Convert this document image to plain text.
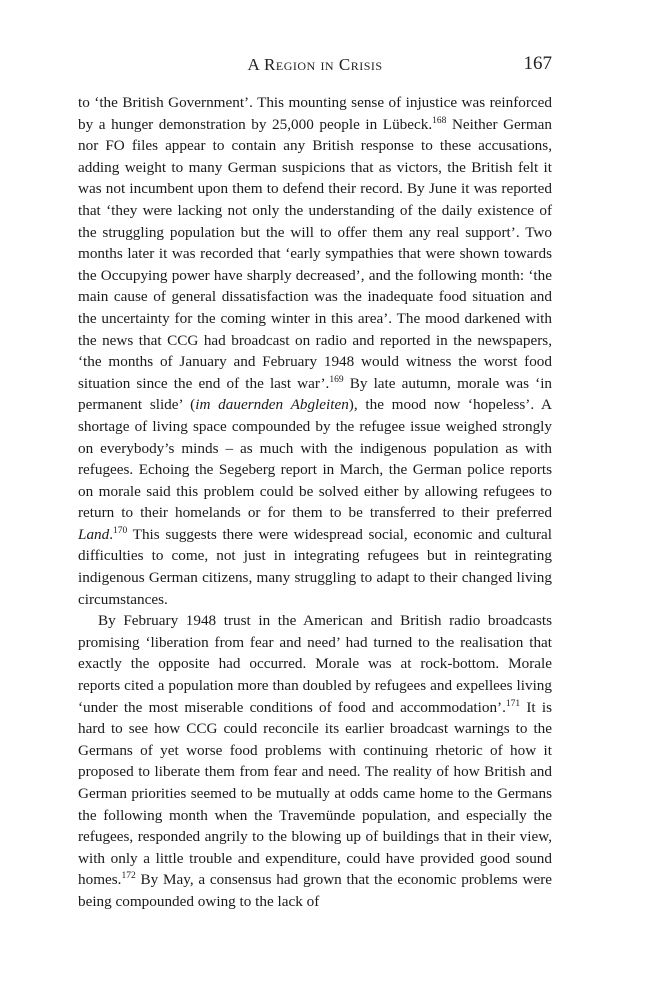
A Region in Crisis	167

to ‘the British Government’. This mounting sense of injustice was reinforced by a hunger demonstration by 25,000 people in Lübeck.$^{168}$ Neither German nor FO files appear to contain any British response to these accusations, adding weight to many German suspicions that as victors, the British felt it was not incumbent upon them to defend their record. By June it was reported that ‘they were lacking not only the understanding of the daily existence of the struggling population but the will to offer them any real support’. Two months later it was recorded that ‘early sympathies that were shown towards the Occupying power have sharply decreased’, and the following month: ‘the main cause of general dissatisfaction was the inadequate food situation and the uncertainty for the coming winter in this area’. The mood darkened with the news that CCG had broadcast on radio and reported in the newspapers, ‘the months of January and February 1948 would witness the worst food situation since the end of the last war’.$^{169}$ By late autumn, morale was ‘in permanent slide’ (im dauernden Abgleiten), the mood now ‘hopeless’. A shortage of living space compounded by the refugee issue weighed strongly on everybody’s minds – as much with the indigenous population as with refugees. Echoing the Segeberg report in March, the German police reports on morale said this problem could be solved either by allowing refugees to return to their homelands or for them to be transferred to their preferred Land.$^{170}$ This suggests there were widespread social, economic and cultural difficulties to come, not just in integrating refugees but in reintegrating indigenous German citizens, many struggling to adapt to their changed living circumstances.

By February 1948 trust in the American and British radio broadcasts promising ‘liberation from fear and need’ had turned to the realisation that exactly the opposite had occurred. Morale was at rock-bottom. Morale reports cited a population more than doubled by refugees and expellees living ‘under the most miserable conditions of food and accommodation’.$^{171}$ It is hard to see how CCG could reconcile its earlier broadcast warnings to the Germans of yet worse food problems with continuing rhetoric of how it proposed to liberate them from fear and need. The reality of how British and German priorities seemed to be mutually at odds came home to the Germans the following month when the Travemünde population, and especially the refugees, responded angrily to the blowing up of buildings that in their view, with only a little trouble and expenditure, could have provided good sound homes.$^{172}$ By May, a consensus had grown that the economic problems were being compounded owing to the lack of
